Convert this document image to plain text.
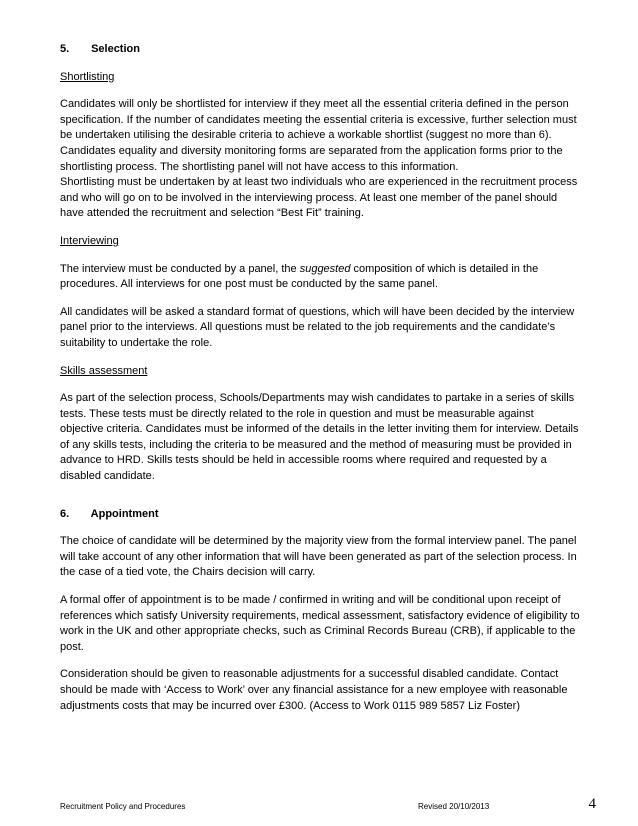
5. Selection
Shortlisting

Candidates will only be shortlisted for interview if they meet all the essential criteria defined in the person specification. If the number of candidates meeting the essential criteria is excessive, further selection must be undertaken utilising the desirable criteria to achieve a workable shortlist (suggest no more than 6).

Candidates equality and diversity monitoring forms are separated from the application forms prior to the shortlisting process. The shortlisting panel will not have access to this information.

Shortlisting must be undertaken by at least two individuals who are experienced in the recruitment process and who will go on to be involved in the interviewing process. At least one member of the panel should have attended the recruitment and selection “Best Fit” training.

Interviewing

The interview must be conducted by a panel, the suggested composition of which is detailed in the procedures. All interviews for one post must be conducted by the same panel.

All candidates will be asked a standard format of questions, which will have been decided by the interview panel prior to the interviews. All questions must be related to the job requirements and the candidate’s suitability to undertake the role.

Skills assessment

As part of the selection process, Schools/Departments may wish candidates to partake in a series of skills tests. These tests must be directly related to the role in question and must be measurable against objective criteria. Candidates must be informed of the details in the letter inviting them for interview. Details of any skills tests, including the criteria to be measured and the method of measuring must be provided in advance to HRD. Skills tests should be held in accessible rooms where required and requested by a disabled candidate.

6. Appointment

The choice of candidate will be determined by the majority view from the formal interview panel. The panel will take account of any other information that will have been generated as part of the selection process. In the case of a tied vote, the Chairs decision will carry.

A formal offer of appointment is to be made / confirmed in writing and will be conditional upon receipt of references which satisfy University requirements, medical assessment, satisfactory evidence of eligibility to work in the UK and other appropriate checks, such as Criminal Records Bureau (CRB), if applicable to the post.

Consideration should be given to reasonable adjustments for a successful disabled candidate. Contact should be made with ‘Access to Work’ over any financial assistance for a new employee with reasonable adjustments costs that may be incurred over £300. (Access to Work 0115 989 5857 Liz Foster)

Recruitment Policy and Procedures	Revised 20/10/2013	4
